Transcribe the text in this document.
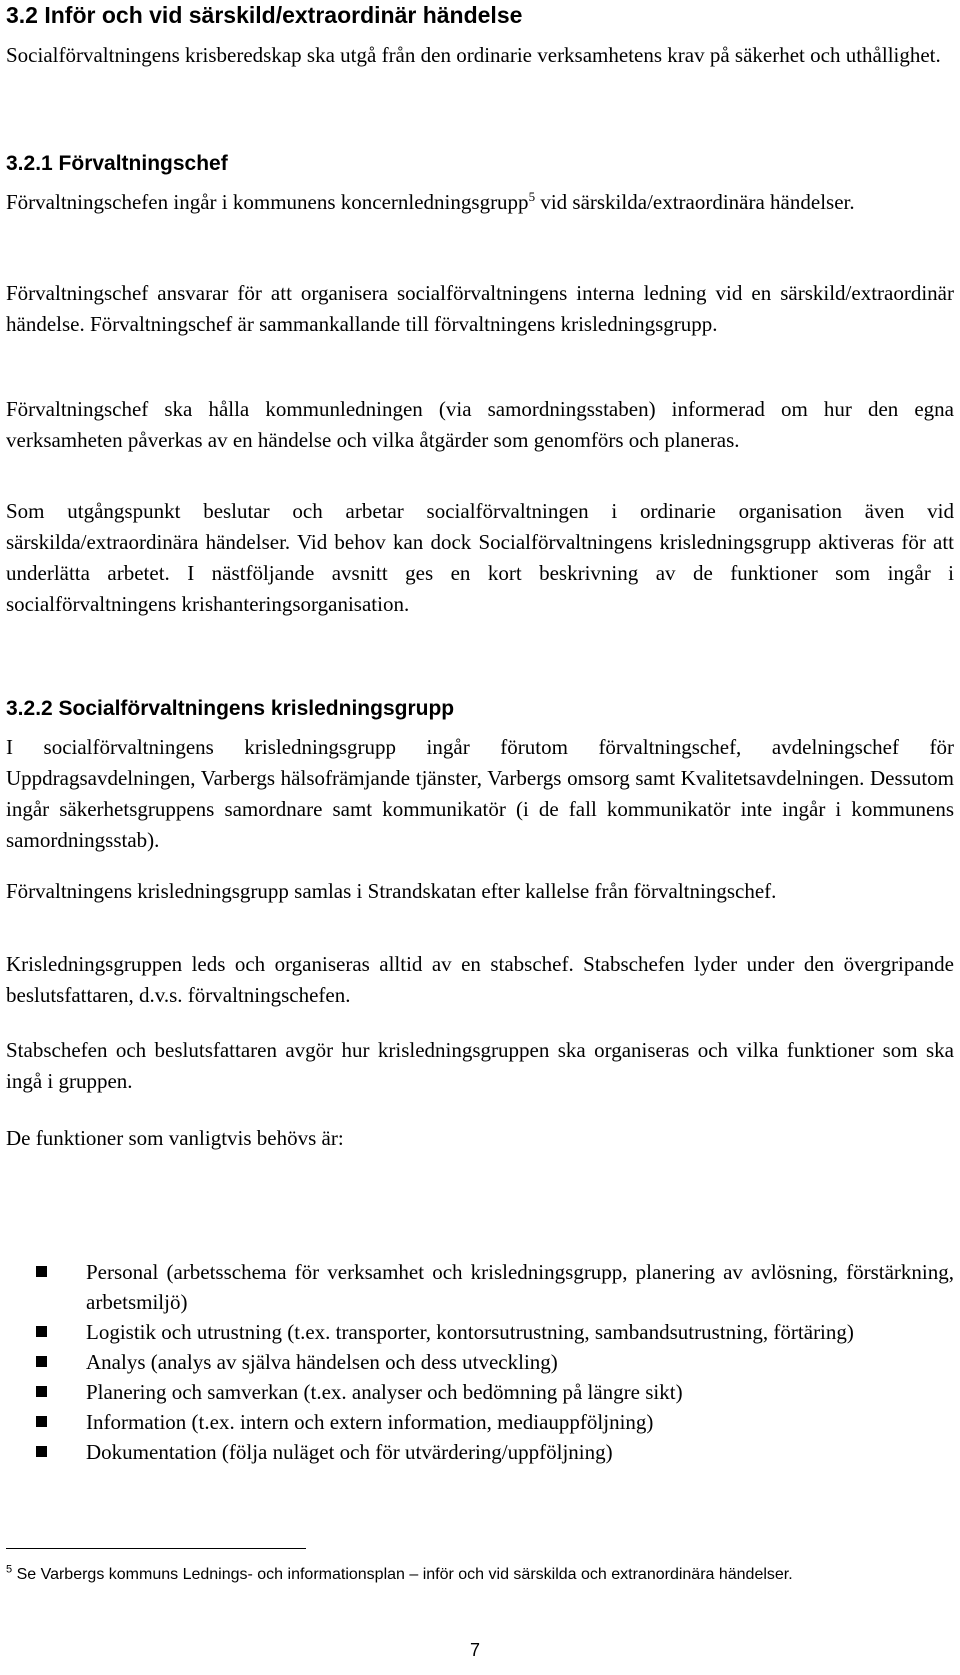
3.2 Inför och vid särskild/extraordinär händelse

Socialförvaltningens krisberedskap ska utgå från den ordinarie verksamhetens krav på säkerhet och uthållighet.

3.2.1 Förvaltningschef

Förvaltningschefen ingår i kommunens koncernledningsgrupp$^5$ vid särskilda/extraordinära händelser.

Förvaltningschef ansvarar för att organisera socialförvaltningens interna ledning vid en särskild/extraordinär händelse. Förvaltningschef är sammankallande till förvaltningens krisledningsgrupp.

Förvaltningschef ska hålla kommunledningen (via samordningsstaben) informerad om hur den egna verksamheten påverkas av en händelse och vilka åtgärder som genomförs och planeras.

Som utgångspunkt beslutar och arbetar socialförvaltningen i ordinarie organisation även vid särskilda/extraordinära händelser. Vid behov kan dock Socialförvaltningens krisledningsgrupp aktiveras för att underlätta arbetet. I nästföljande avsnitt ges en kort beskrivning av de funktioner som ingår i socialförvaltningens krishanteringsorganisation.

3.2.2 Socialförvaltningens krisledningsgrupp

I socialförvaltningens krisledningsgrupp ingår förutom förvaltningschef, avdelningschef för Uppdragsavdelningen, Varbergs hälsofrämjande tjänster, Varbergs omsorg samt Kvalitetsavdelningen. Dessutom ingår säkerhetsgruppens samordnare samt kommunikatör (i de fall kommunikatör inte ingår i kommunens samordningsstab).

Förvaltningens krisledningsgrupp samlas i Strandskatan efter kallelse från förvaltningschef.

Krisledningsgruppen leds och organiseras alltid av en stabschef. Stabschefen lyder under den övergripande beslutsfattaren, d.v.s. förvaltningschefen.

Stabschefen och beslutsfattaren avgör hur krisledningsgruppen ska organiseras och vilka funktioner som ska ingå i gruppen.

De funktioner som vanligtvis behövs är:

Personal (arbetsschema för verksamhet och krisledningsgrupp, planering av avlösning, förstärkning, arbetsmiljö)
Logistik och utrustning (t.ex. transporter, kontorsutrustning, sambandsutrustning, förtäring)
Analys (analys av själva händelsen och dess utveckling)
Planering och samverkan (t.ex. analyser och bedömning på längre sikt)
Information (t.ex. intern och extern information, mediauppföljning)
Dokumentation (följa nuläget och för utvärdering/uppföljning)

$^5$ Se Varbergs kommuns Lednings- och informationsplan – inför och vid särskilda och extranordinära händelser.

7
